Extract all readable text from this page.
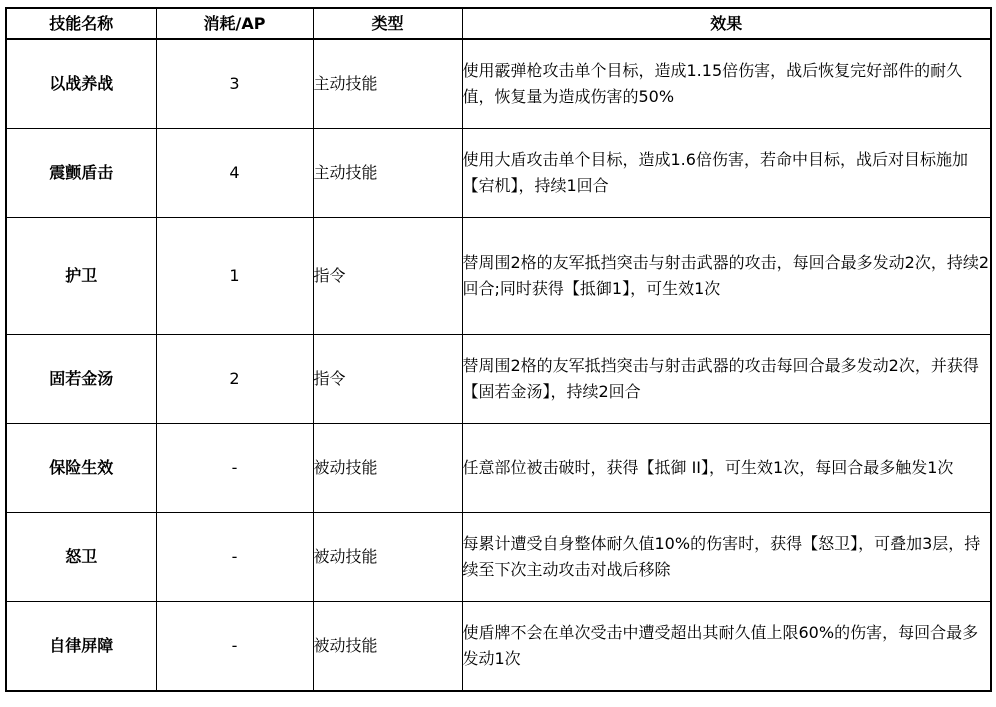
技能名称	消耗/AP	类型	效果
以战养战	3	主动技能	使用霰弹枪攻击单个目标，造成1.15倍伤害，战后恢复完好部件的耐久值，恢复量为造成伤害的50%
震颤盾击	4	主动技能	使用大盾攻击单个目标，造成1.6倍伤害，若命中目标，战后对目标施加【宕机】，持续1回合
护卫	1	指令	替周围2格的友军抵挡突击与射击武器的攻击，每回合最多发动2次，持续2回合;同时获得【抵御1】，可生效1次
固若金汤	2	指令	替周围2格的友军抵挡突击与射击武器的攻击每回合最多发动2次，并获得【固若金汤】，持续2回合
保险生效	-	被动技能	任意部位被击破时，获得【抵御 II】，可生效1次，每回合最多触发1次
怒卫	-	被动技能	每累计遭受自身整体耐久值10%的伤害时，获得【怒卫】，可叠加3层，持续至下次主动攻击对战后移除
自律屏障	-	被动技能	使盾牌不会在单次受击中遭受超出其耐久值上限60%的伤害，每回合最多发动1次
